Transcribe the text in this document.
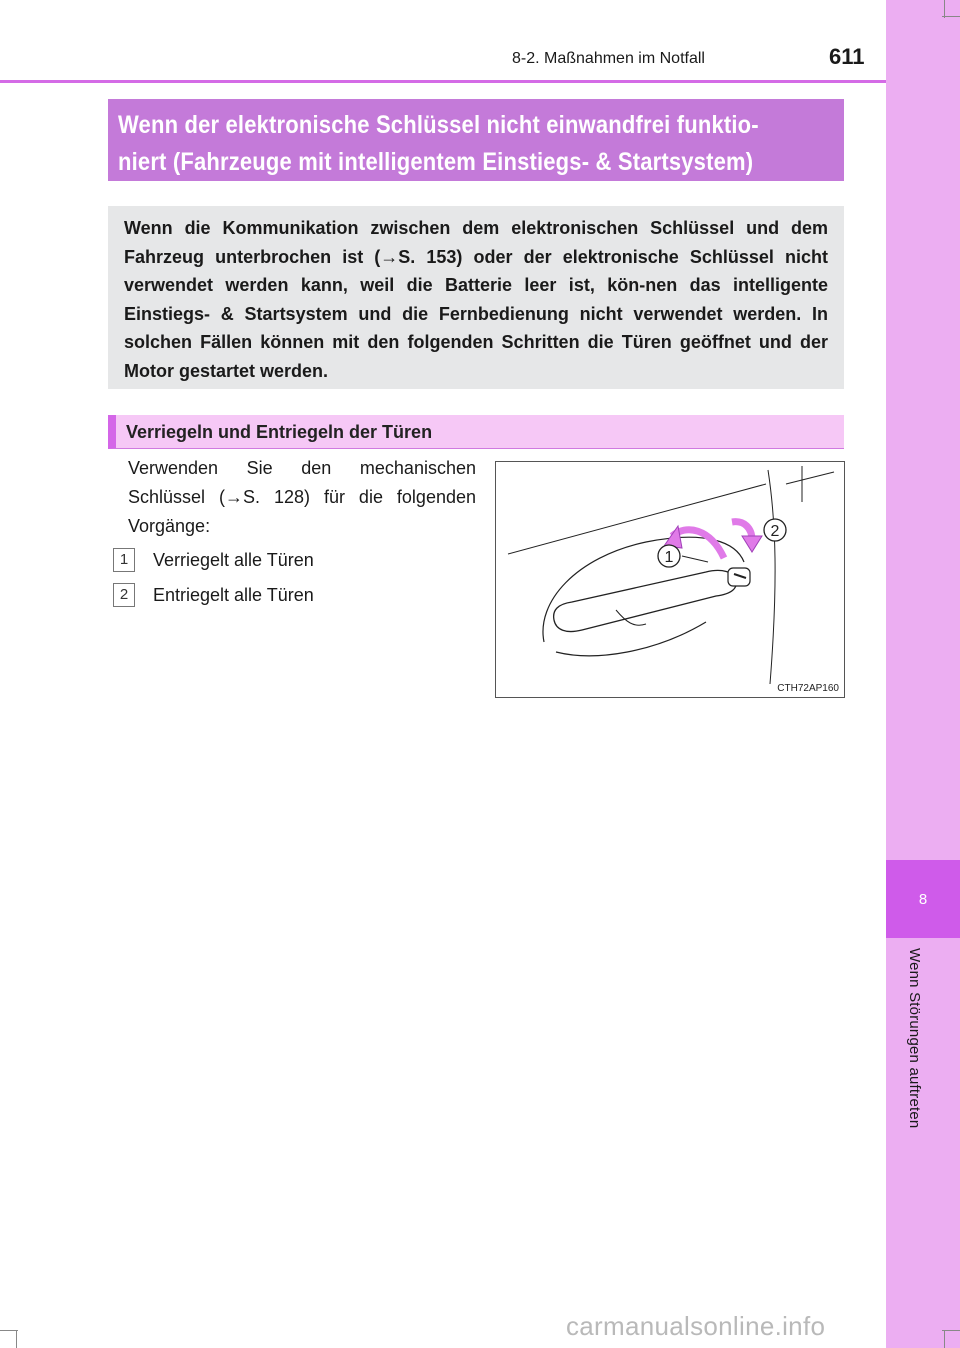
8
Wenn Störungen auftreten
8-2. Maßnahmen im Notfall	611
Wenn der elektronische Schlüssel nicht einwandfrei funktio-
niert (Fahrzeuge mit intelligentem Einstiegs- & Startsystem)
Wenn die Kommunikation zwischen dem elektronischen Schlüssel und dem Fahrzeug unterbrochen ist (→S. 153) oder der elektronische Schlüssel nicht verwendet werden kann, weil die Batterie leer ist, kön-nen das intelligente Einstiegs- & Startsystem und die Fernbedienung nicht verwendet werden. In solchen Fällen können mit den folgenden Schritten die Türen geöffnet und der Motor gestartet werden.
Verriegeln und Entriegeln der Türen
Verwenden Sie den mechanischen Schlüssel (→S. 128) für die folgenden Vorgänge:
1	Verriegelt alle Türen
2	Entriegelt alle Türen
1
2
CTH72AP160
carmanualsonline.info
